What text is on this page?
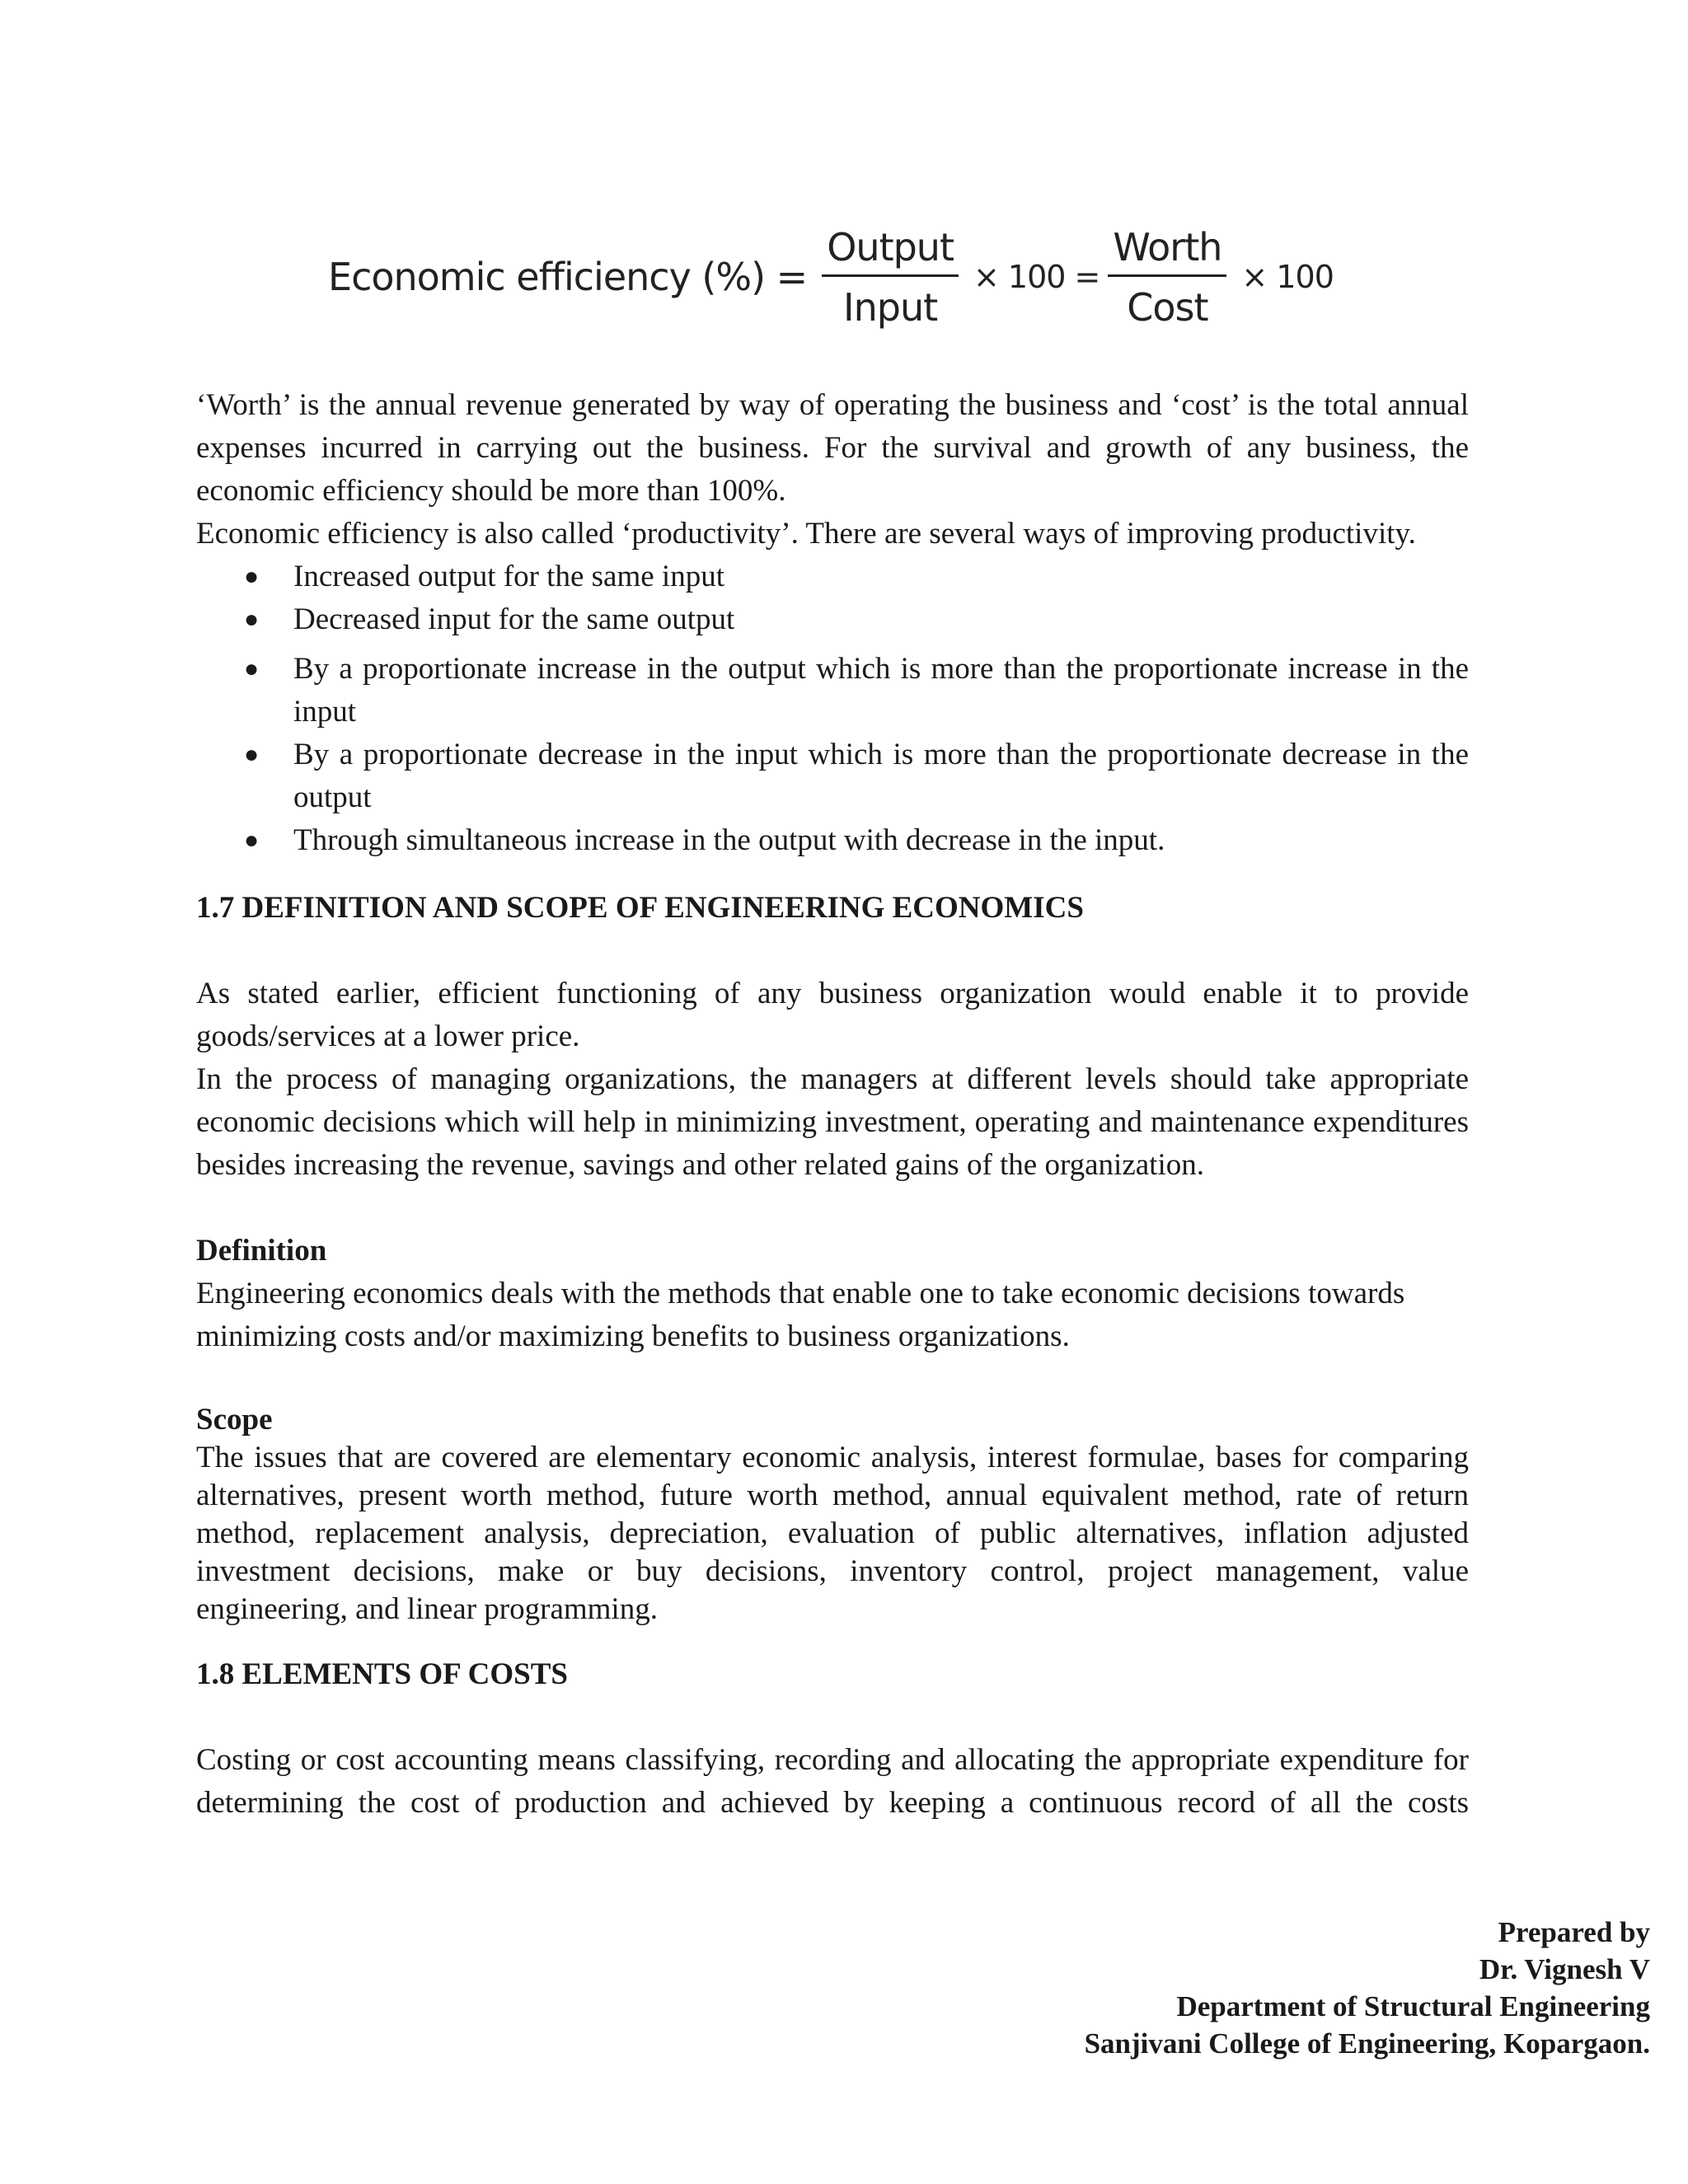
Economic efficiency (%) = $\frac{\text{Output}}{\text{Input}} \times 100 = \frac{\text{Worth}}{\text{Cost}} \times 100$

‘Worth’ is the annual revenue generated by way of operating the business and ‘cost’ is the total annual expenses incurred in carrying out the business. For the survival and growth of any business, the economic efficiency should be more than 100%.

Economic efficiency is also called ‘productivity’. There are several ways of improving productivity.

● Increased output for the same input
● Decreased input for the same output
● By a proportionate increase in the output which is more than the proportionate increase in the input
● By a proportionate decrease in the input which is more than the proportionate decrease in the output
● Through simultaneous increase in the output with decrease in the input.
1.7 DEFINITION AND SCOPE OF ENGINEERING ECONOMICS

As stated earlier, efficient functioning of any business organization would enable it to provide goods/services at a lower price.

In the process of managing organizations, the managers at different levels should take appropriate economic decisions which will help in minimizing investment, operating and maintenance expenditures besides increasing the revenue, savings and other related gains of the organization.

Definition

Engineering economics deals with the methods that enable one to take economic decisions towards minimizing costs and/or maximizing benefits to business organizations.

Scope

The issues that are covered are elementary economic analysis, interest formulae, bases for comparing alternatives, present worth method, future worth method, annual equivalent method, rate of return method, replacement analysis, depreciation, evaluation of public alternatives, inflation adjusted investment decisions, make or buy decisions, inventory control, project management, value engineering, and linear programming.

1.8 ELEMENTS OF COSTS

Costing or cost accounting means classifying, recording and allocating the appropriate expenditure for determining the cost of production and achieved by keeping a continuous record of all the costs

Prepared by
Dr. Vignesh V
Department of Structural Engineering
Sanjivani College of Engineering, Kopargaon.
